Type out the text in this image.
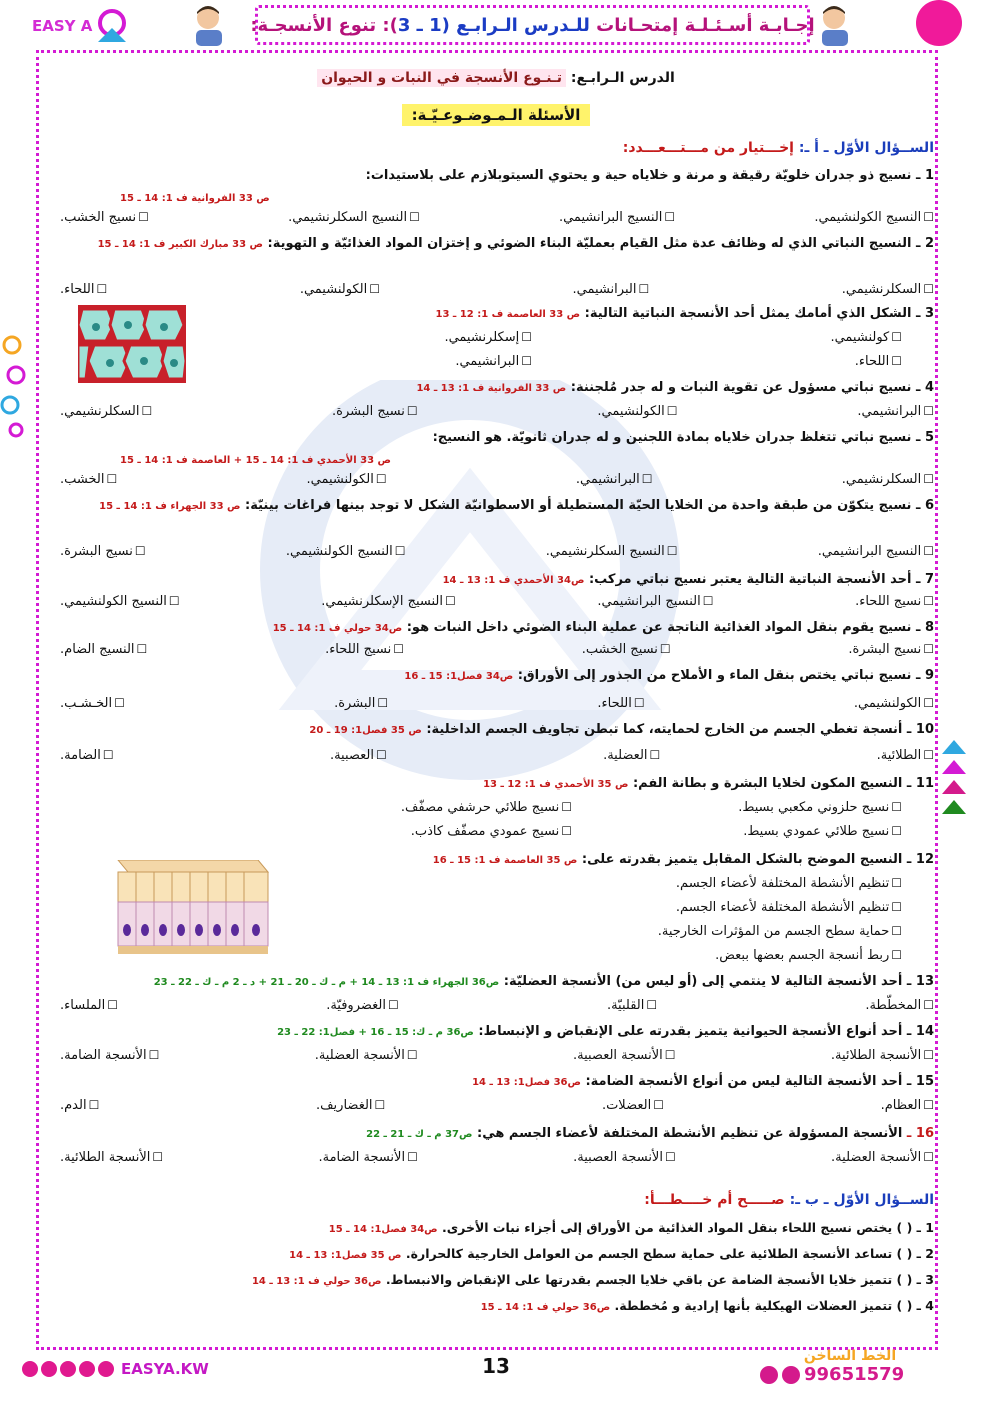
EASY A	إجـابـة أسـئـلـة إمتحـانات للـدرس الـرابـع (1 ـ 3): تنوع الأنسجـة:
الدرس الـرابـع: تـنـوع الأنسجة في النبات و الحيوان
الأسئلة الـمـوضـوعـيّـة:
الســؤال الأوّل ـ أ ـ: إخـــتيار من مـــتـــعـــدد:
1 ـ نسيج ذو جدران خلويّة رقيقة و مرنة و خلاياه حية و يحتوي السيتوبلازم على بلاستيدات:
ص 33 الفروانية ف 1: 14 ـ 15
☐ النسيج الكولنشيمي.
☐ النسيج البرانشيمي.
☐ النسيج السكلرنشيمي.
☐ نسيج الخشب.
2 ـ النسيج النباتي الذي له وظائف عدة مثل القيام بعمليّة البناء الضوئي و إختزان المواد الغذائيّة و التهوية: ص 33 مبارك الكبير ف 1: 14 ـ 15
☐ السكلرنشيمي.
☐ البرانشيمي.
☐ الكولنشيمي.
☐ اللحاء.
3 ـ الشكل الذي أمامك يمثل أحد الأنسجة النباتية التالية: ص 33 العاصمة ف 1: 12 ـ 13
☐ كولنشيمي.
☐ إسكلرنشيمي.
☐ اللحاء.
☐ البرانشيمي.
4 ـ نسيج نباتي مسؤول عن تقوية النبات و له جدر مُلجننة: ص 33 الفروانية ف 1: 13 ـ 14
☐ البرانشيمي.
☐ الكولنشيمي.
☐ نسيج البشرة.
☐ السكلرنشيمي.
5 ـ نسيج نباتي تتغلظ جدران خلاياه بمادة اللجنين و له جدران ثانويّة. هو النسيج:
ص 33 الأحمدي ف 1: 14 ـ 15 + العاصمة ف 1: 14 ـ 15
☐ السكلرنشيمي.
☐ البرانشيمي.
☐ الكولنشيمي.
☐ الخشب.
6 ـ نسيج يتكوّن من طبقة واحدة من الخلايا الحيّة المستطيلة أو الاسطوانيّة الشكل لا توجد بينها فراغات بينيّة: ص 33 الجهراء ف 1: 14 ـ 15
☐ النسيج البرانشيمي.
☐ النسيج السكلرنشيمي.
☐ النسيج الكولنشيمي.
☐ نسيج البشرة.
7 ـ أحد الأنسجة النباتية التالية يعتبر نسيج نباتي مركب: ص34 الأحمدي ف 1: 13 ـ 14
☐ نسيج اللحاء.
☐ النسيج البرانشيمي.
☐ النسيج الإسكلرنشيمي.
☐ النسيج الكولنشيمي.
8 ـ نسيج يقوم بنقل المواد الغذائية الناتجة عن عملية البناء الضوئي داخل النبات هو: ص34 حولي ف 1: 14 ـ 15
☐ نسيج البشرة.
☐ نسيج الخشب.
☐ نسيج اللحاء.
☐ النسيج الضام.
9 ـ نسيج نباتي يختص بنقل الماء و الأملاح من الجذور إلى الأوراق: ص34 فصل1: 15 ـ 16
☐ الكولنشيمي.
☐ اللحاء.
☐ البشرة.
☐ الخـشـب.
10 ـ أنسجة تغطي الجسم من الخارج لحمايته، كما تبطن تجاويف الجسم الداخلية: ص 35 فصل1: 19 ـ 20
☐ الطلائية.
☐ العضلية.
☐ العصبية.
☐ الضامة.
11 ـ النسيج المكون لخلايا البشرة و بطانة الفم: ص 35 الأحمدي ف 1: 12 ـ 13
☐ نسيج حلزوني مكعبي بسيط.
☐ نسيج طلائي حرشفي مصفّف.
☐ نسيج طلائي عمودي بسيط.
☐ نسيج عمودي مصفّف كاذب.
12 ـ النسيج الموضح بالشكل المقابل يتميز بقدرته على: ص 35 العاصمة ف 1: 15 ـ 16
☐ تنظيم الأنشطة المختلفة لأعضاء الجسم.
☐ تنظيم الأنشطة المختلفة لأعضاء الجسم.
☐ حماية سطح الجسم من المؤثرات الخارجية.
☐ ربط أنسجة الجسم بعضها ببعض.
13 ـ أحد الأنسجة التالية لا ينتمي إلى (أو ليس من) الأنسجة العضليّة: ص36 الجهراء ف 1: 13 ـ 14 + م ـ ك ـ 20 ـ 21 + د ـ 2 م ـ ك ـ 22 ـ 23
☐ المخطّطة.
☐ القلبيّة.
☐ الغضروفيّة.
☐ الملساء.
14 ـ أحد أنواع الأنسجة الحيوانية يتميز بقدرته على الإنقباض و الإنبساط: ص36 م ـ ك: 15 ـ 16 + فصل1: 22 ـ 23
☐ الأنسجة الطلائية.
☐ الأنسجة العصبية.
☐ الأنسجة العضلية.
☐ الأنسجة الضامة.
15 ـ أحد الأنسجة التالية ليس من أنواع الأنسجة الضامة: ص36 فصل1: 13 ـ 14
☐ العظام.
☐ العضلات.
☐ الغضاريف.
☐ الدم.
16 ـ الأنسجة المسؤولة عن تنظيم الأنشطة المختلفة لأعضاء الجسم هي: ص37 م ـ ك ـ 21 ـ 22
☐ الأنسجة العضلية.
☐ الأنسجة العصبية.
☐ الأنسجة الضامة.
☐ الأنسجة الطلائية.
الســؤال الأوّل ـ ب ـ: صـــــح أم خــــطـــأ:
1 ـ ( ) يختص نسيج اللحاء بنقل المواد الغذائية من الأوراق إلى أجزاء نبات الأخرى. ص34 فصل1: 14 ـ 15
2 ـ ( ) تساعد الأنسجة الطلائية على حماية سطح الجسم من العوامل الخارجية كالحرارة. ص 35 فصل1: 13 ـ 14
3 ـ ( ) تتميز خلايا الأنسجة الضامة عن باقي خلايا الجسم بقدرتها على الإنقباض والانبساط. ص36 حولي ف 1: 13 ـ 14
4 ـ ( ) تتميز العضلات الهيكلية بأنها إرادية و مُخططة. ص36 حولي ف 1: 14 ـ 15
EASYA.KW	13	الخط الساخن
99651579
